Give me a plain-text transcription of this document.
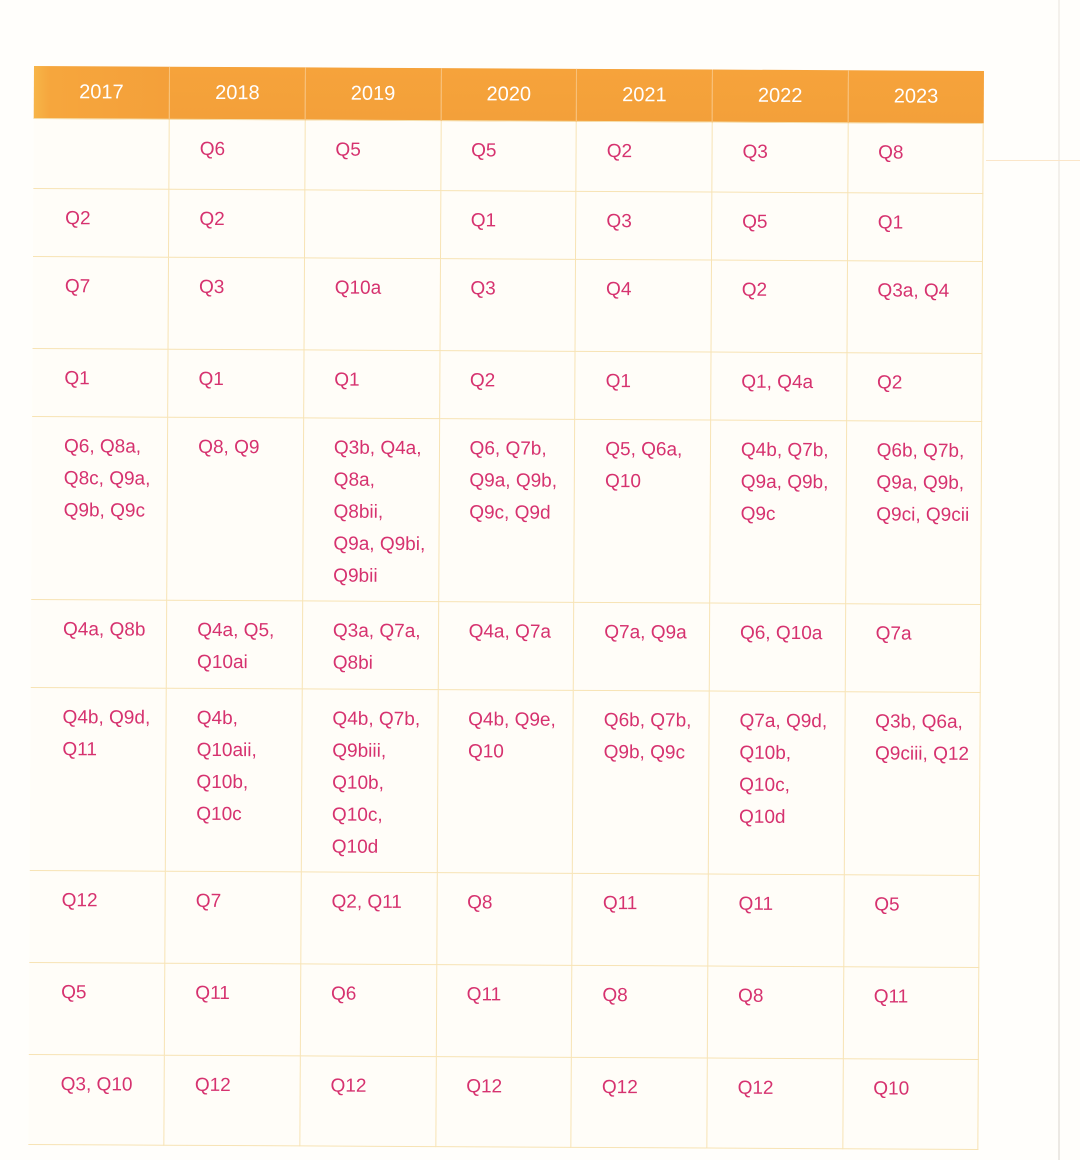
2017	2018	2019	2020	2021	2022	2023
	Q6	Q5	Q5	Q2	Q3	Q8
Q2	Q2		Q1	Q3	Q5	Q1
Q7	Q3	Q10a	Q3	Q4	Q2	Q3a, Q4
Q1	Q1	Q1	Q2	Q1	Q1, Q4a	Q2
Q6, Q8a, Q8c, Q9a, Q9b, Q9c	Q8, Q9	Q3b, Q4a, Q8a, Q8bii, Q9a, Q9bi, Q9bii	Q6, Q7b, Q9a, Q9b, Q9c, Q9d	Q5, Q6a, Q10	Q4b, Q7b, Q9a, Q9b, Q9c	Q6b, Q7b, Q9a, Q9b, Q9ci, Q9cii
Q4a, Q8b	Q4a, Q5, Q10ai	Q3a, Q7a, Q8bi	Q4a, Q7a	Q7a, Q9a	Q6, Q10a	Q7a
Q4b, Q9d, Q11	Q4b, Q10aii, Q10b, Q10c	Q4b, Q7b, Q9biii, Q10b, Q10c, Q10d	Q4b, Q9e, Q10	Q6b, Q7b, Q9b, Q9c	Q7a, Q9d, Q10b, Q10c, Q10d	Q3b, Q6a, Q9ciii, Q12
Q12	Q7	Q2, Q11	Q8	Q11	Q11	Q5
Q5	Q11	Q6	Q11	Q8	Q8	Q11
Q3, Q10	Q12	Q12	Q12	Q12	Q12	Q10
